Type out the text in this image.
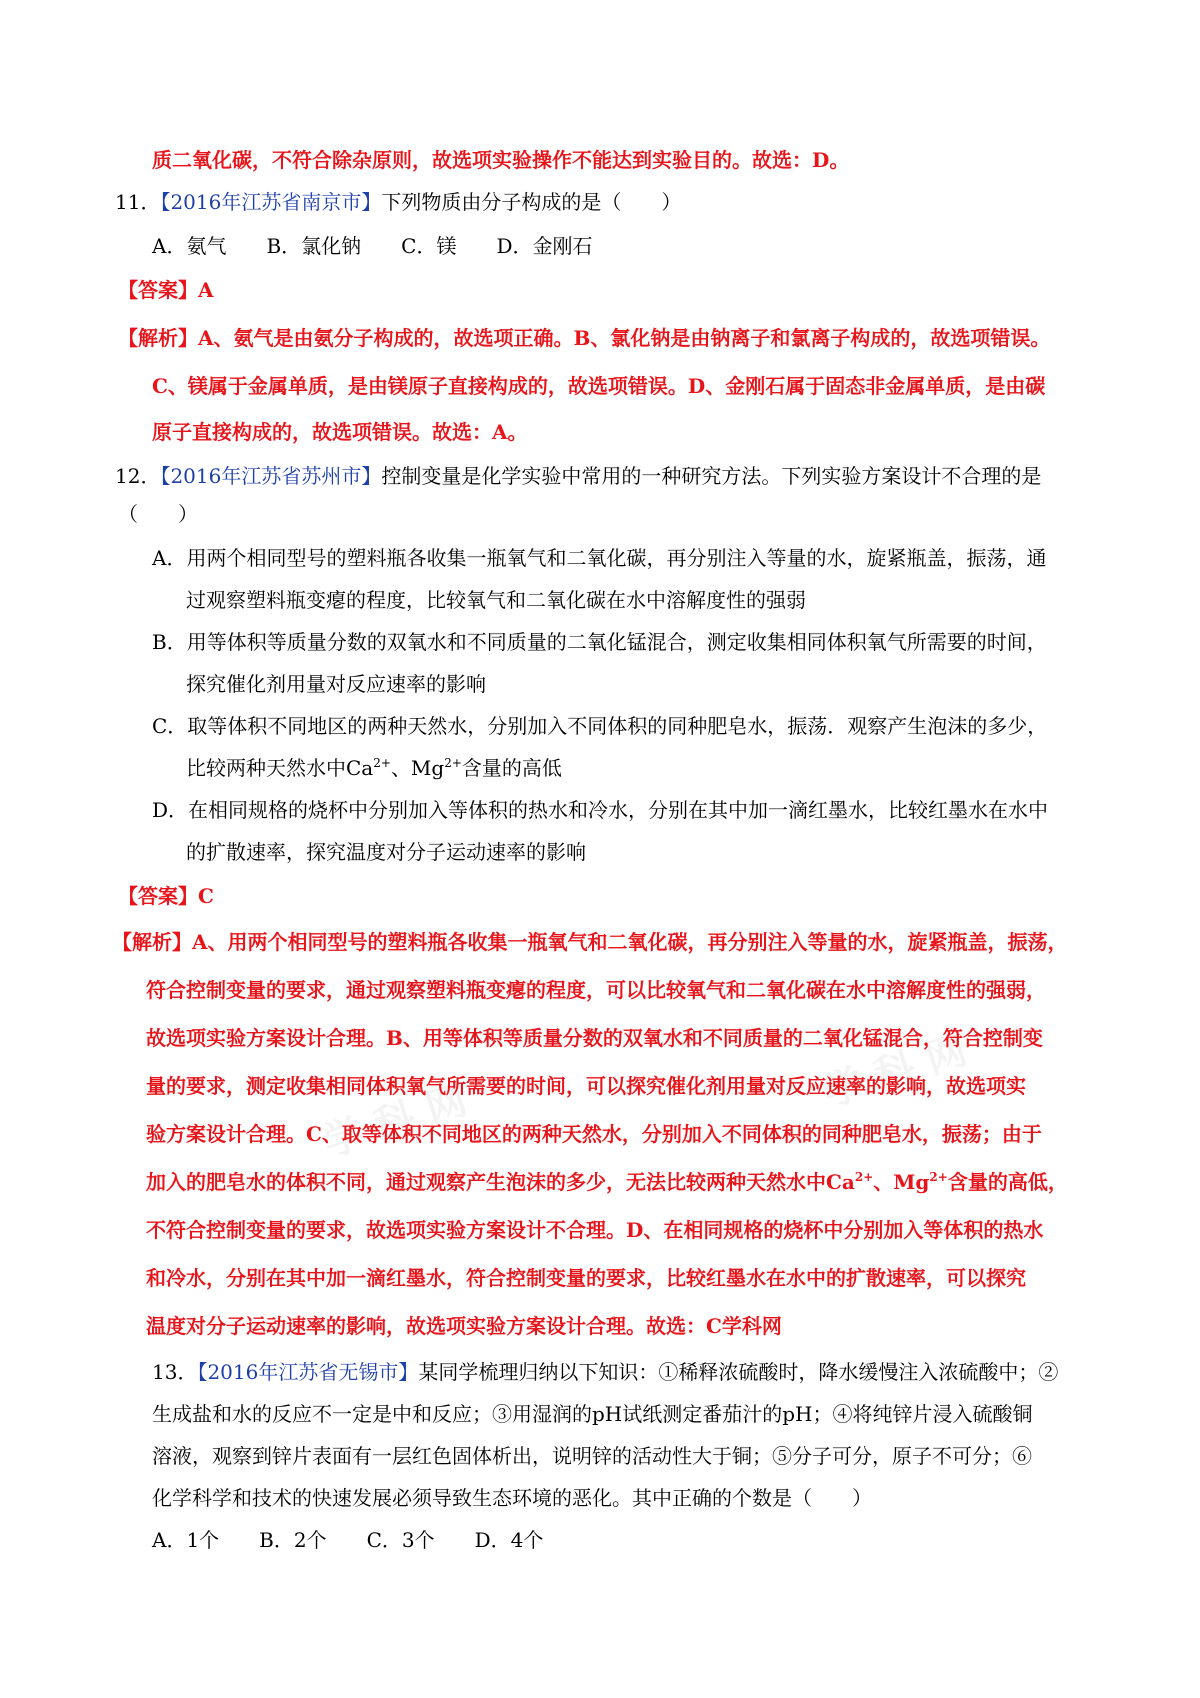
学 科 网
学 科 网
质二氧化碳，不符合除杂原则，故选项实验操作不能达到实验目的。故选：D。
11．【2016年江苏省南京市】下列物质由分子构成的是（　　）
A．氨气　　B．氯化钠　　C．镁　　D．金刚石
【答案】A
【解析】A、氨气是由氨分子构成的，故选项正确。B、氯化钠是由钠离子和氯离子构成的，故选项错误。
C、镁属于金属单质，是由镁原子直接构成的，故选项错误。D、金刚石属于固态非金属单质，是由碳
原子直接构成的，故选项错误。故选：A。
12．【2016年江苏省苏州市】控制变量是化学实验中常用的一种研究方法。下列实验方案设计不合理的是
（　　）
A．用两个相同型号的塑料瓶各收集一瓶氧气和二氧化碳，再分别注入等量的水，旋紧瓶盖，振荡，通
过观察塑料瓶变瘪的程度，比较氧气和二氧化碳在水中溶解度性的强弱
B．用等体积等质量分数的双氧水和不同质量的二氧化锰混合，测定收集相同体积氧气所需要的时间，
探究催化剂用量对反应速率的影响
C．取等体积不同地区的两种天然水，分别加入不同体积的同种肥皂水，振荡．观察产生泡沫的多少，
比较两种天然水中$Ca^{2+}$、$Mg^{2+}$含量的高低
D．在相同规格的烧杯中分别加入等体积的热水和冷水，分别在其中加一滴红墨水，比较红墨水在水中
的扩散速率，探究温度对分子运动速率的影响
【答案】C
【解析】A、用两个相同型号的塑料瓶各收集一瓶氧气和二氧化碳，再分别注入等量的水，旋紧瓶盖，振荡，
符合控制变量的要求，通过观察塑料瓶变瘪的程度，可以比较氧气和二氧化碳在水中溶解度性的强弱，
故选项实验方案设计合理。B、用等体积等质量分数的双氧水和不同质量的二氧化锰混合，符合控制变
量的要求，测定收集相同体积氧气所需要的时间，可以探究催化剂用量对反应速率的影响，故选项实
验方案设计合理。C、取等体积不同地区的两种天然水，分别加入不同体积的同种肥皂水，振荡；由于
加入的肥皂水的体积不同，通过观察产生泡沫的多少，无法比较两种天然水中$Ca^{2+}$、$Mg^{2+}$含量的高低，
不符合控制变量的要求，故选项实验方案设计不合理。D、在相同规格的烧杯中分别加入等体积的热水
和冷水，分别在其中加一滴红墨水，符合控制变量的要求，比较红墨水在水中的扩散速率，可以探究
温度对分子运动速率的影响，故选项实验方案设计合理。故选：C学科网
13．【2016年江苏省无锡市】某同学梳理归纳以下知识：①稀释浓硫酸时，降水缓慢注入浓硫酸中；②
生成盐和水的反应不一定是中和反应；③用湿润的pH试纸测定番茄汁的pH；④将纯锌片浸入硫酸铜
溶液，观察到锌片表面有一层红色固体析出，说明锌的活动性大于铜；⑤分子可分，原子不可分；⑥
化学科学和技术的快速发展必须导致生态环境的恶化。其中正确的个数是（　　）
A．1个　　B．2个　　C．3个　　D．4个
